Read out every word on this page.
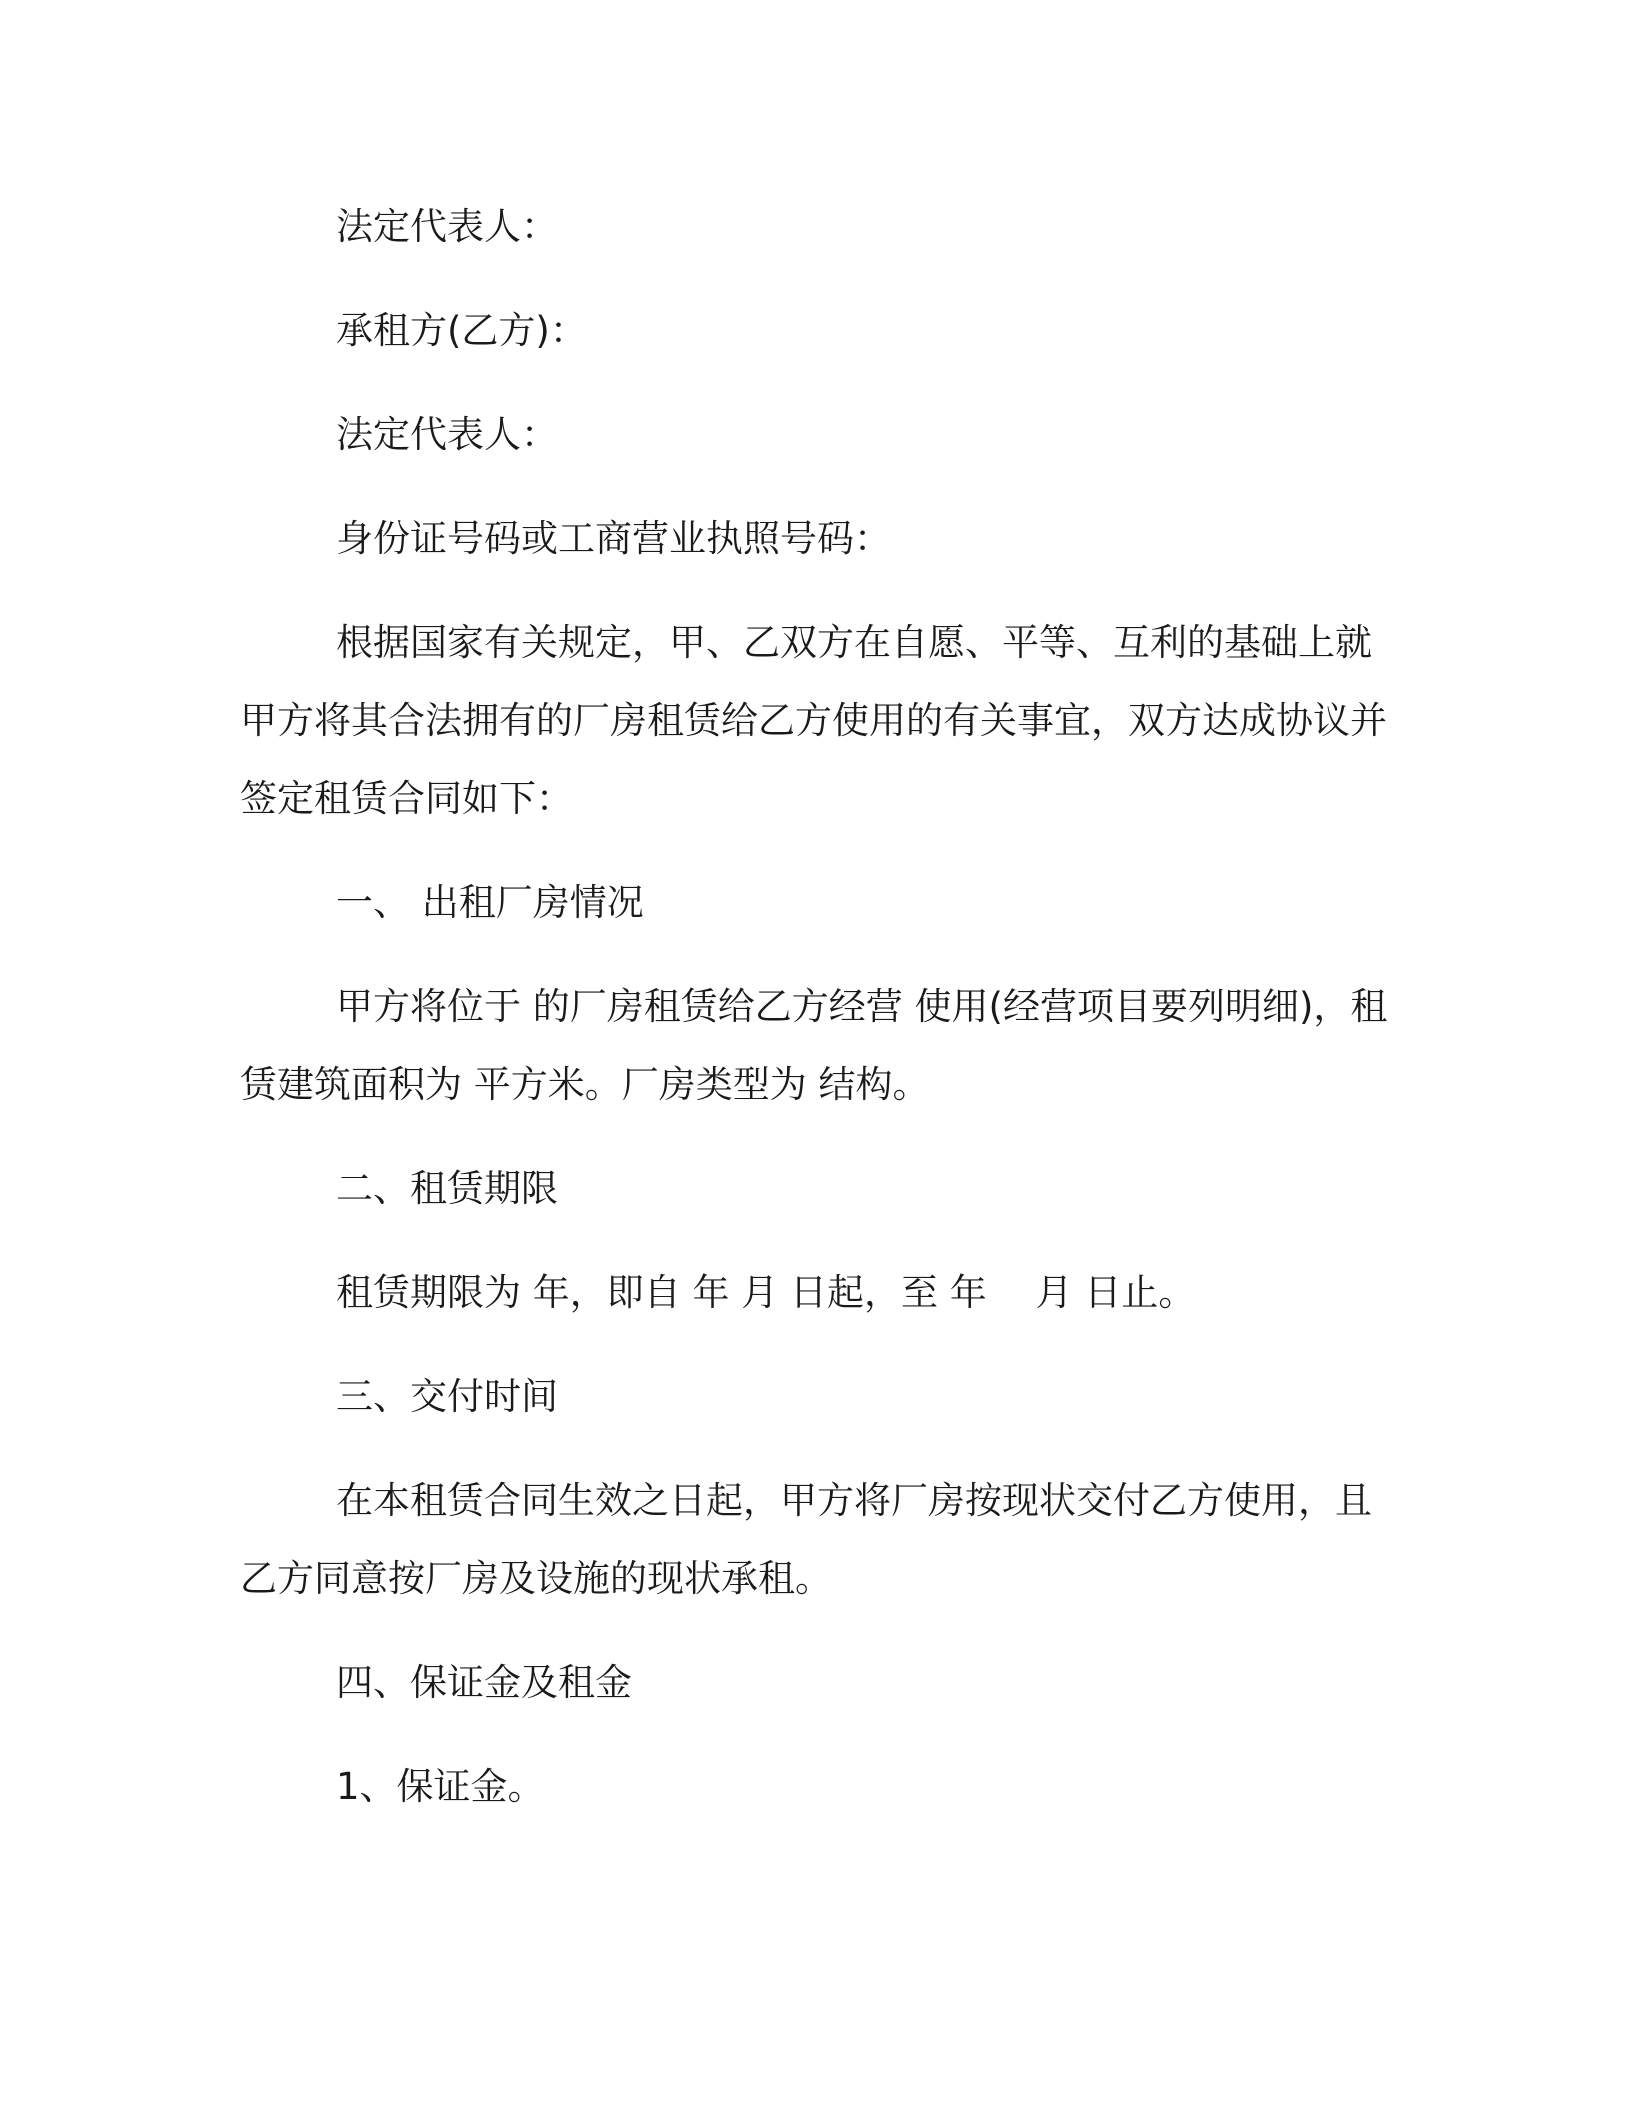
法定代表人：

承租方(乙方)：

法定代表人：

身份证号码或工商营业执照号码：

根据国家有关规定，甲、乙双方在自愿、平等、互利的基础上就甲方将其合法拥有的厂房租赁给乙方使用的有关事宜，双方达成协议并签定租赁合同如下：

一、 出租厂房情况

甲方将位于 的厂房租赁给乙方经营 使用(经营项目要列明细)，租赁建筑面积为 平方米。厂房类型为 结构。

二、租赁期限

租赁期限为 年，即自 年 月 日起，至 年　 月 日止。

三、交付时间

在本租赁合同生效之日起，甲方将厂房按现状交付乙方使用，且乙方同意按厂房及设施的现状承租。

四、保证金及租金

1、保证金。
